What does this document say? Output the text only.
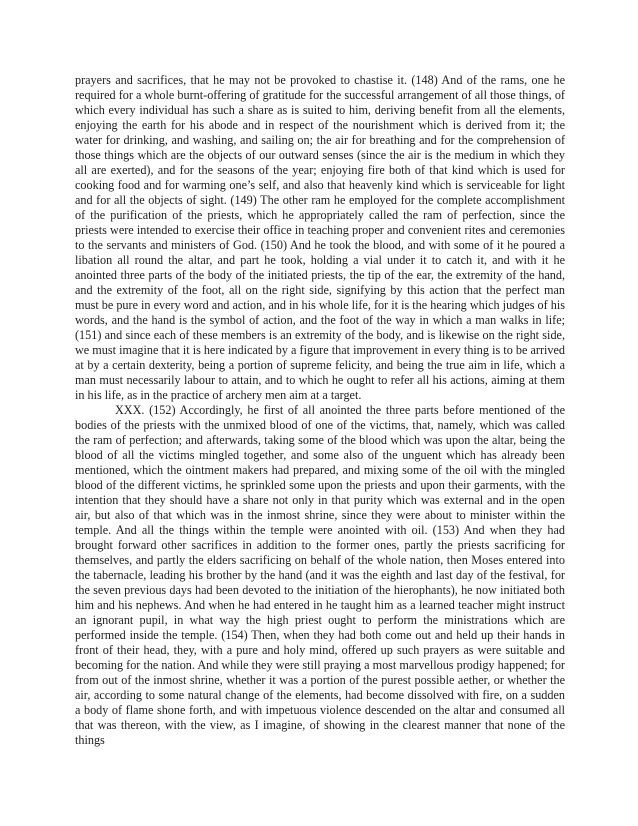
prayers and sacrifices, that he may not be provoked to chastise it. (148) And of the rams, one he required for a whole burnt-offering of gratitude for the successful arrangement of all those things, of which every individual has such a share as is suited to him, deriving benefit from all the elements, enjoying the earth for his abode and in respect of the nourishment which is derived from it; the water for drinking, and washing, and sailing on; the air for breathing and for the comprehension of those things which are the objects of our outward senses (since the air is the medium in which they all are exerted), and for the seasons of the year; enjoying fire both of that kind which is used for cooking food and for warming one’s self, and also that heavenly kind which is serviceable for light and for all the objects of sight. (149) The other ram he employed for the complete accomplishment of the purification of the priests, which he appropriately called the ram of perfection, since the priests were intended to exercise their office in teaching proper and convenient rites and ceremonies to the servants and ministers of God. (150) And he took the blood, and with some of it he poured a libation all round the altar, and part he took, holding a vial under it to catch it, and with it he anointed three parts of the body of the initiated priests, the tip of the ear, the extremity of the hand, and the extremity of the foot, all on the right side, signifying by this action that the perfect man must be pure in every word and action, and in his whole life, for it is the hearing which judges of his words, and the hand is the symbol of action, and the foot of the way in which a man walks in life; (151) and since each of these members is an extremity of the body, and is likewise on the right side, we must imagine that it is here indicated by a figure that improvement in every thing is to be arrived at by a certain dexterity, being a portion of supreme felicity, and being the true aim in life, which a man must necessarily labour to attain, and to which he ought to refer all his actions, aiming at them in his life, as in the practice of archery men aim at a target.

XXX. (152) Accordingly, he first of all anointed the three parts before mentioned of the bodies of the priests with the unmixed blood of one of the victims, that, namely, which was called the ram of perfection; and afterwards, taking some of the blood which was upon the altar, being the blood of all the victims mingled together, and some also of the unguent which has already been mentioned, which the ointment makers had prepared, and mixing some of the oil with the mingled blood of the different victims, he sprinkled some upon the priests and upon their garments, with the intention that they should have a share not only in that purity which was external and in the open air, but also of that which was in the inmost shrine, since they were about to minister within the temple. And all the things within the temple were anointed with oil. (153) And when they had brought forward other sacrifices in addition to the former ones, partly the priests sacrificing for themselves, and partly the elders sacrificing on behalf of the whole nation, then Moses entered into the tabernacle, leading his brother by the hand (and it was the eighth and last day of the festival, for the seven previous days had been devoted to the initiation of the hierophants), he now initiated both him and his nephews. And when he had entered in he taught him as a learned teacher might instruct an ignorant pupil, in what way the high priest ought to perform the ministrations which are performed inside the temple. (154) Then, when they had both come out and held up their hands in front of their head, they, with a pure and holy mind, offered up such prayers as were suitable and becoming for the nation. And while they were still praying a most marvellous prodigy happened; for from out of the inmost shrine, whether it was a portion of the purest possible aether, or whether the air, according to some natural change of the elements, had become dissolved with fire, on a sudden a body of flame shone forth, and with impetuous violence descended on the altar and consumed all that was thereon, with the view, as I imagine, of showing in the clearest manner that none of the things
